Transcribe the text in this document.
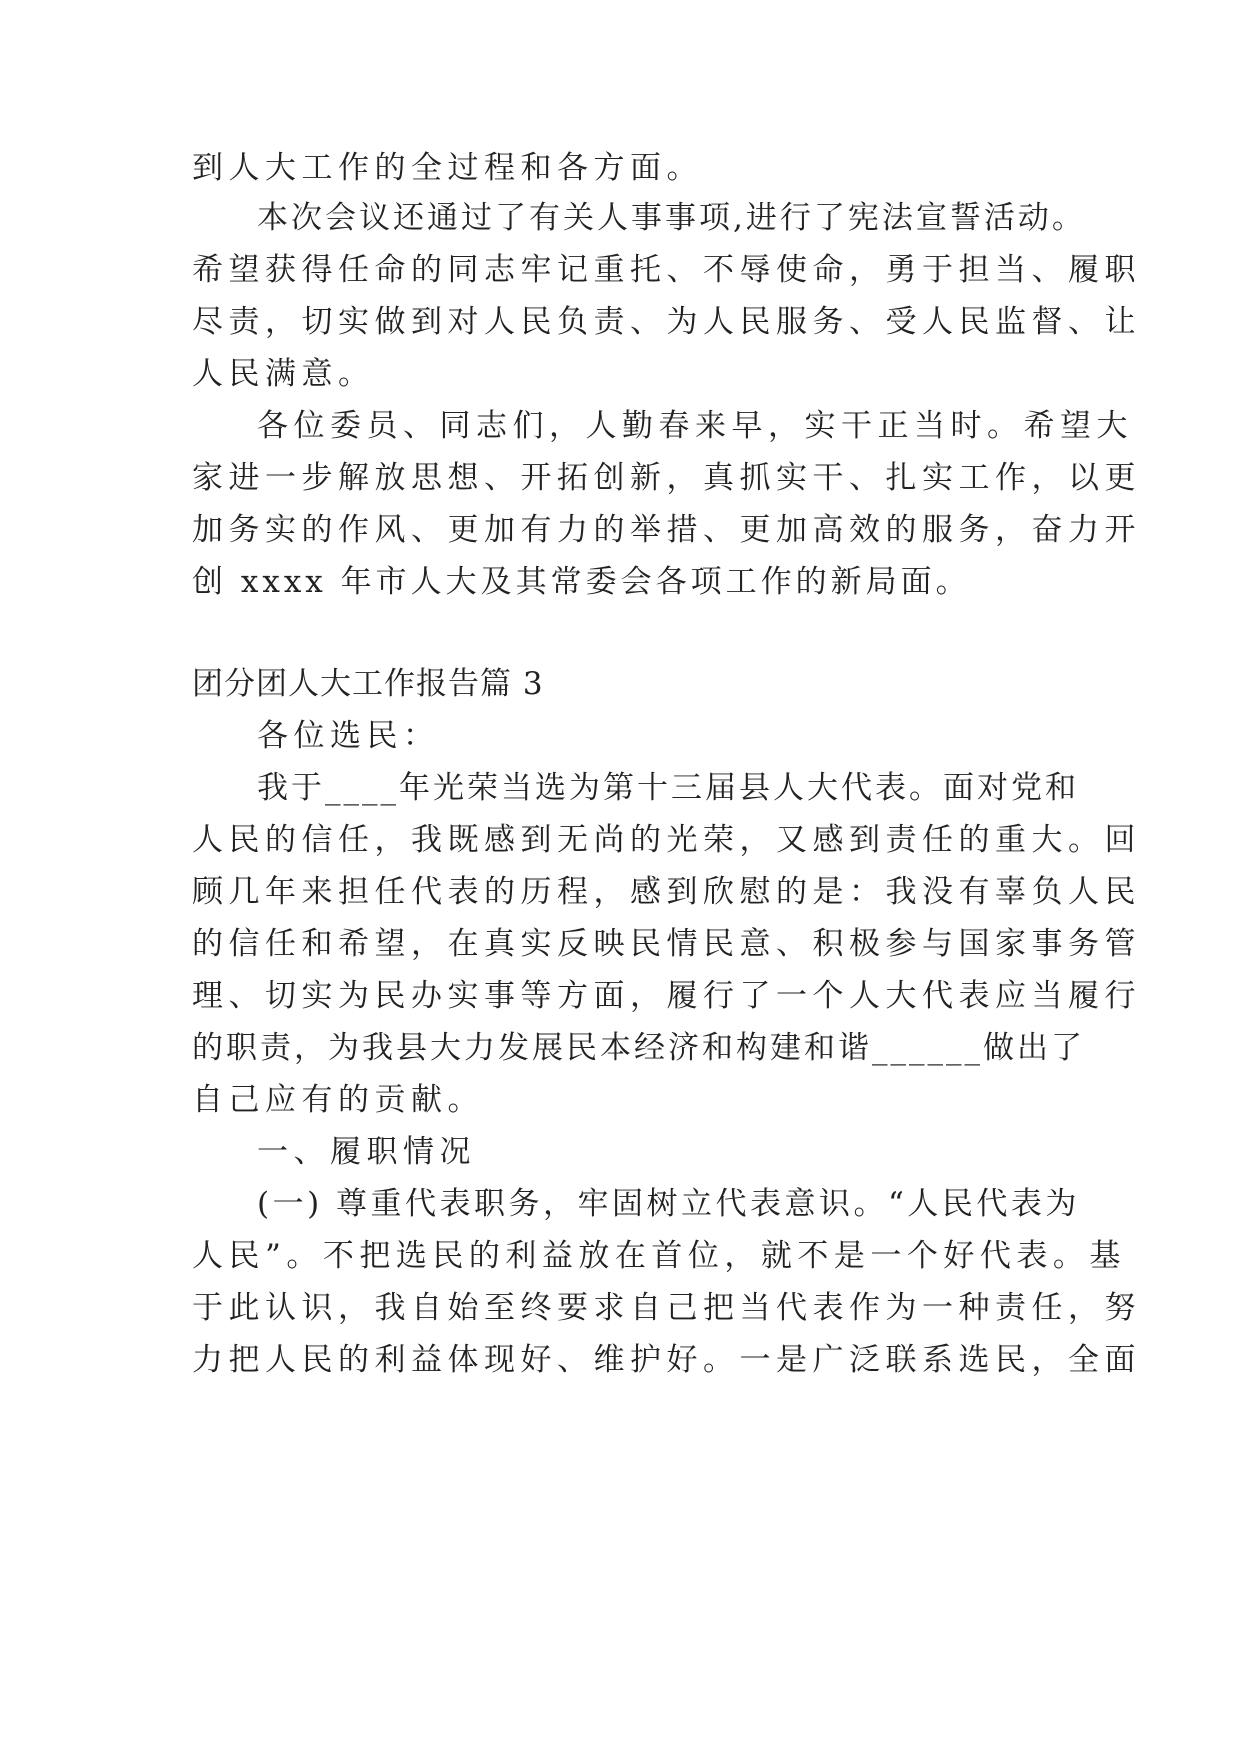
到人大工作的全过程和各方面。
本次会议还通过了有关人事事项,进行了宪法宣誓活动。
希望获得任命的同志牢记重托、不辱使命，勇于担当、履职
尽责，切实做到对人民负责、为人民服务、受人民监督、让
人民满意。
各位委员、同志们，人勤春来早，实干正当时。希望大
家进一步解放思想、开拓创新，真抓实干、扎实工作，以更
加务实的作风、更加有力的举措、更加高效的服务，奋力开
创 xxxx 年市人大及其常委会各项工作的新局面。
团分团人大工作报告篇 3
各位选民：
我于____年光荣当选为第十三届县人大代表。面对党和
人民的信任，我既感到无尚的光荣，又感到责任的重大。回
顾几年来担任代表的历程，感到欣慰的是：我没有辜负人民
的信任和希望，在真实反映民情民意、积极参与国家事务管
理、切实为民办实事等方面，履行了一个人大代表应当履行
的职责，为我县大力发展民本经济和构建和谐______做出了
自己应有的贡献。
一、履职情况
(一) 尊重代表职务，牢固树立代表意识。“人民代表为
人民”。不把选民的利益放在首位，就不是一个好代表。基
于此认识，我自始至终要求自己把当代表作为一种责任，努
力把人民的利益体现好、维护好。一是广泛联系选民，全面
